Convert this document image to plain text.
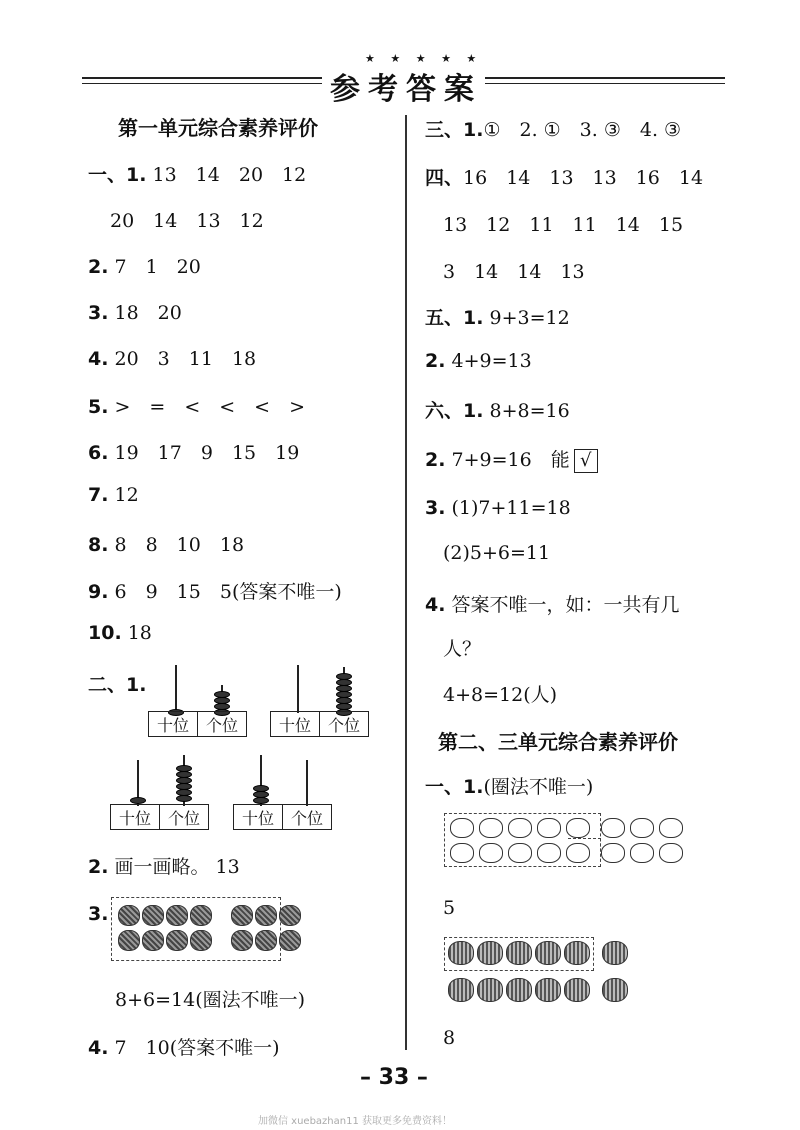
★ ★ ★ ★ ★
参考答案
第一单元综合素养评价
一、1. 13　14　20　12
20　14　13　12
2. 7　1　20
3. 18　20
4. 20　3　11　18
5. >　=　<　<　<　>
6. 19　17　9　15　19
7. 12
8. 8　8　10　18
9. 6　9　15　5(答案不唯一)
10. 18
二、1.
十位	个位	十位	个位
十位	个位	十位	个位
2. 画一画略。 13
3.
8+6=14(圈法不唯一)
4. 7　10(答案不唯一)
三、1.①　2. ①　3. ③　4. ③
四、16　14　13　13　16　14
13　12　11　11　14　15
3　14　14　13
五、1. 9+3=12
2. 4+9=13
六、1. 8+8=16
2. 7+9=16　能 √
3. (1)7+11=18
(2)5+6=11
4. 答案不唯一，如：一共有几
人？
4+8=12(人)
第二、三单元综合素养评价
一、1.(圈法不唯一)
5
8
– 33 –
加微信 xuebazhan11 获取更多免费资料！
